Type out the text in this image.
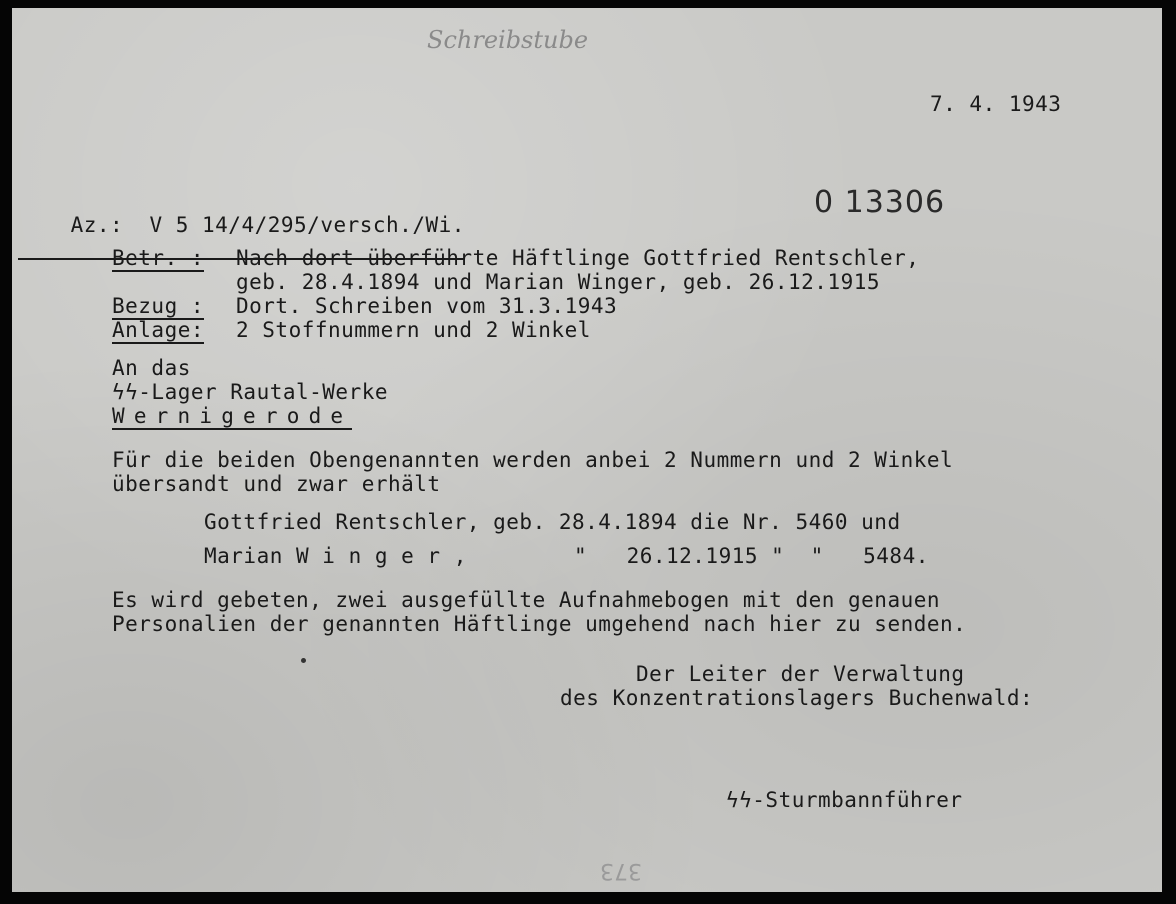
Schreibstube
7. 4. 1943

Az.: V 5 14/4/295/versch./Wi.

0 13306
Betr. : Nach dort überführte Häftlinge Gottfried Rentschler,
geb. 28.4.1894 und Marian Winger, geb. 26.12.1915
Bezug : Dort. Schreiben vom 31.3.1943
Anlage: 2 Stoffnummern und 2 Winkel
An das
ϟϟ-Lager Rautal-Werke
Wernigerode
Für die beiden Obengenannten werden anbei 2 Nummern und 2 Winkel
übersandt und zwar erhält
Gottfried Rentschler, geb. 28.4.1894 die Nr. 5460 und
Marian W i n g e r ,	"   26.12.1915 "  "   5484.
Es wird gebeten, zwei ausgefüllte Aufnahmebogen mit den genauen
Personalien der genannten Häftlinge umgehend nach hier zu senden.
Der Leiter der Verwaltung
des Konzentrationslagers Buchenwald:
ϟϟ-Sturmbannführer
373
